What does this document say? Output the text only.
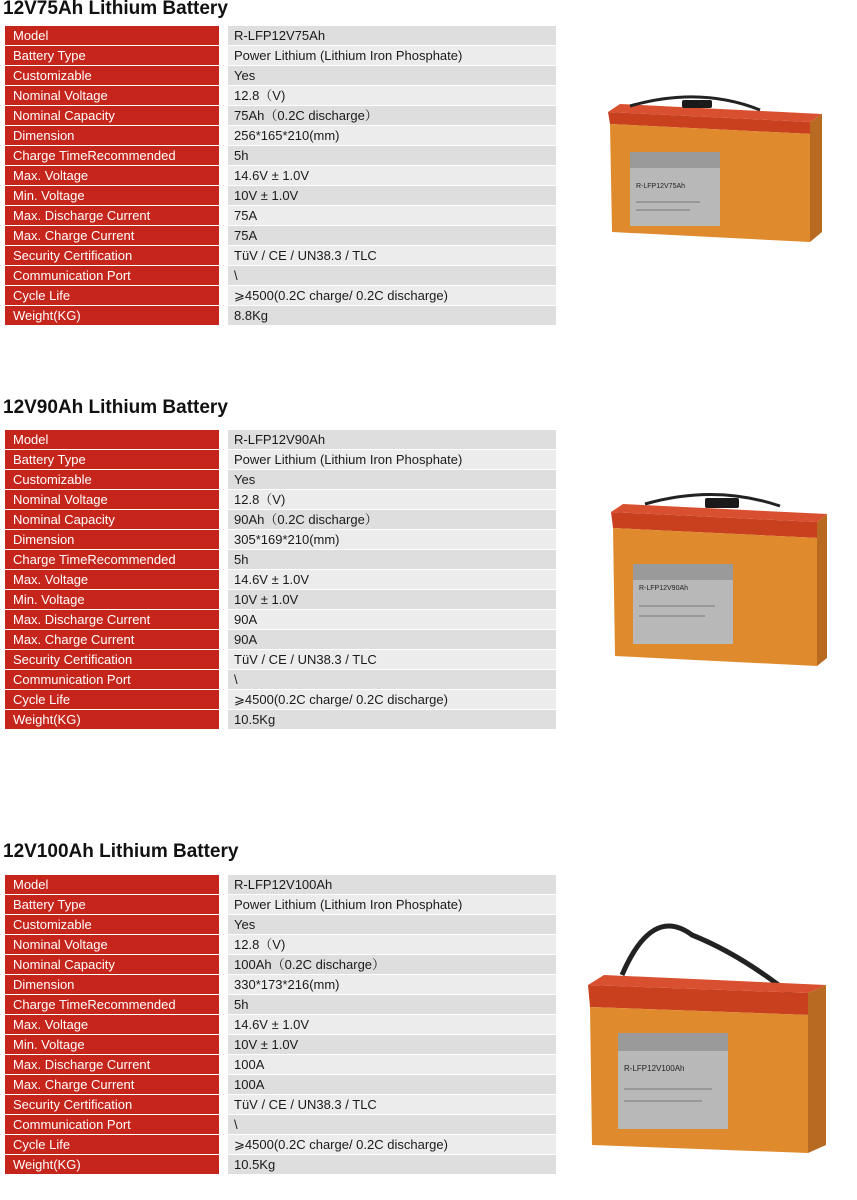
12V75Ah Lithium Battery
Model	R-LFP12V75Ah
Battery Type	Power Lithium (Lithium Iron Phosphate)
Customizable	Yes
Nominal Voltage	12.8（V)
Nominal Capacity	75Ah（0.2C discharge）
Dimension	256*165*210(mm)
Charge TimeRecommended	5h
Max. Voltage	14.6V ± 1.0V
Min. Voltage	10V ± 1.0V
Max. Discharge Current	75A
Max. Charge Current	75A
Security Certification	TüV / CE / UN38.3 / TLC
Communication Port	\
Cycle Life	⩾4500(0.2C charge/ 0.2C discharge)
Weight(KG)	8.8Kg
R-LFP12V75Ah
12V90Ah Lithium Battery
Model	R-LFP12V90Ah
Battery Type	Power Lithium (Lithium Iron Phosphate)
Customizable	Yes
Nominal Voltage	12.8（V)
Nominal Capacity	90Ah（0.2C discharge）
Dimension	305*169*210(mm)
Charge TimeRecommended	5h
Max. Voltage	14.6V ± 1.0V
Min. Voltage	10V ± 1.0V
Max. Discharge Current	90A
Max. Charge Current	90A
Security Certification	TüV / CE / UN38.3 / TLC
Communication Port	\
Cycle Life	⩾4500(0.2C charge/ 0.2C discharge)
Weight(KG)	10.5Kg
R-LFP12V90Ah
12V100Ah Lithium Battery
Model	R-LFP12V100Ah
Battery Type	Power Lithium (Lithium Iron Phosphate)
Customizable	Yes
Nominal Voltage	12.8（V)
Nominal Capacity	100Ah（0.2C discharge）
Dimension	330*173*216(mm)
Charge TimeRecommended	5h
Max. Voltage	14.6V ± 1.0V
Min. Voltage	10V ± 1.0V
Max. Discharge Current	100A
Max. Charge Current	100A
Security Certification	TüV / CE / UN38.3 / TLC
Communication Port	\
Cycle Life	⩾4500(0.2C charge/ 0.2C discharge)
Weight(KG)	10.5Kg
R-LFP12V100Ah
